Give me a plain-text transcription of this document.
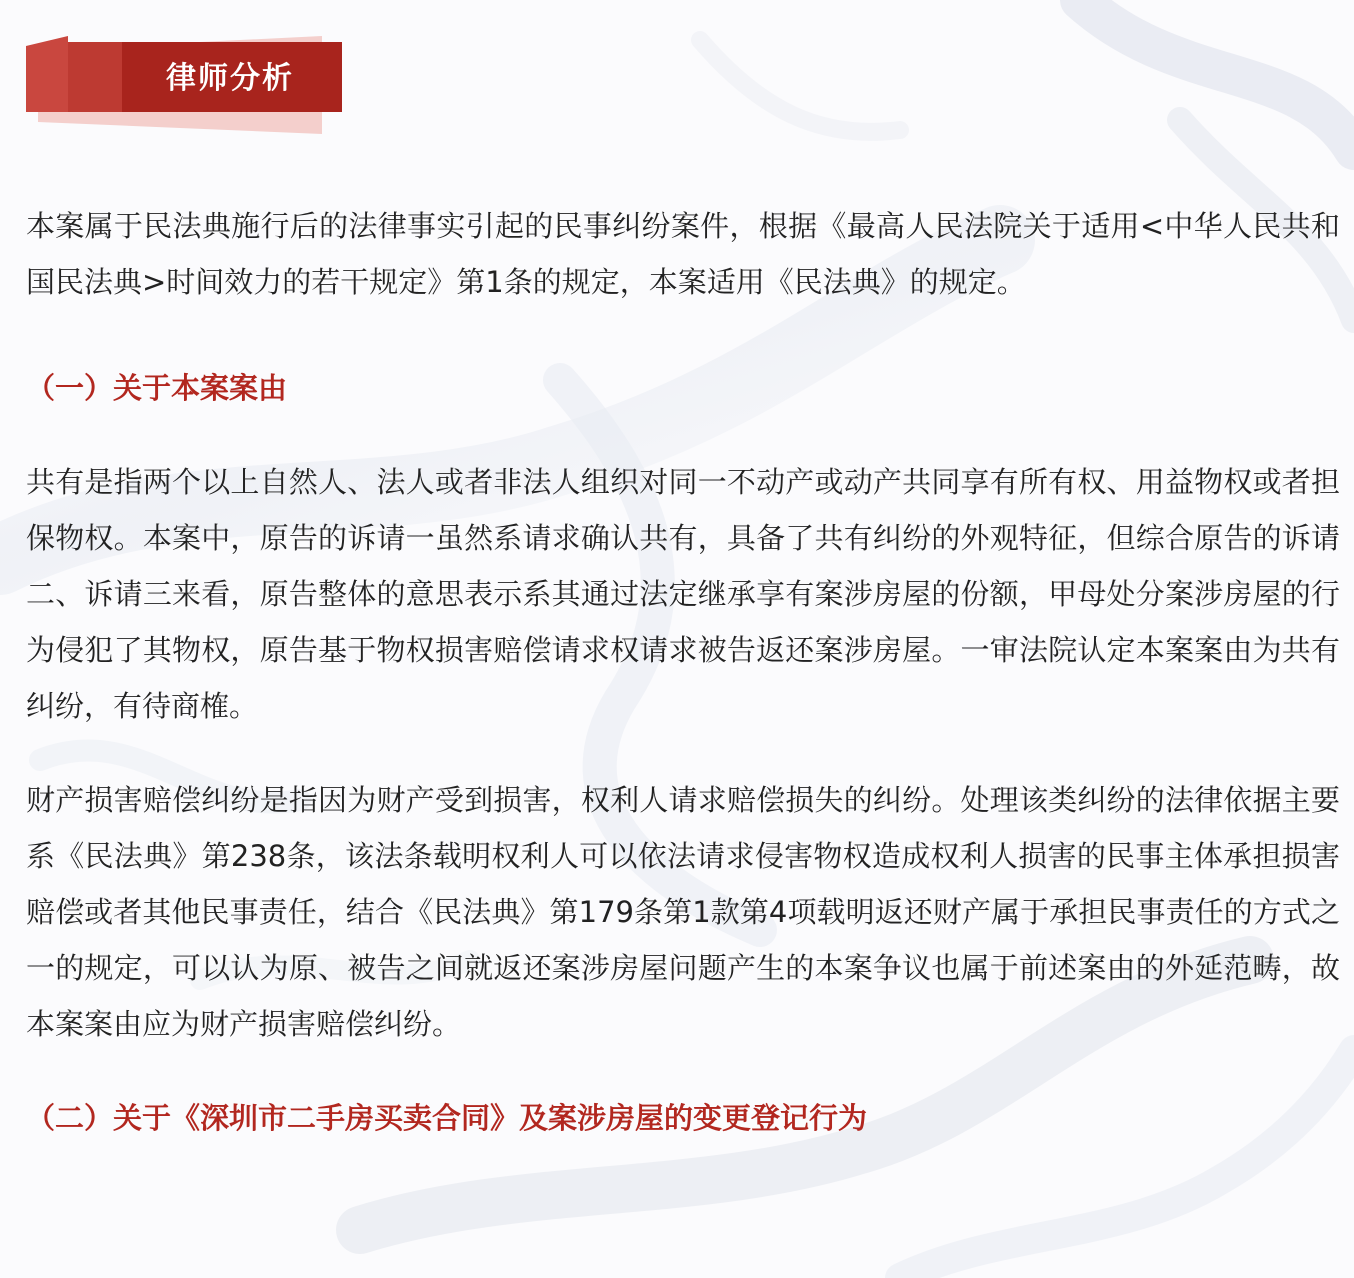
律师分析

本案属于民法典施行后的法律事实引起的民事纠纷案件，根据《最高人民法院关于适用<中华人民共和国民法典>时间效力的若干规定》第1条的规定，本案适用《民法典》的规定。

（一）关于本案案由

共有是指两个以上自然人、法人或者非法人组织对同一不动产或动产共同享有所有权、用益物权或者担保物权。本案中，原告的诉请一虽然系请求确认共有，具备了共有纠纷的外观特征，但综合原告的诉请二、诉请三来看，原告整体的意思表示系其通过法定继承享有案涉房屋的份额，甲母处分案涉房屋的行为侵犯了其物权，原告基于物权损害赔偿请求权请求被告返还案涉房屋。一审法院认定本案案由为共有纠纷，有待商榷。

财产损害赔偿纠纷是指因为财产受到损害，权利人请求赔偿损失的纠纷。处理该类纠纷的法律依据主要系《民法典》第238条，该法条载明权利人可以依法请求侵害物权造成权利人损害的民事主体承担损害赔偿或者其他民事责任，结合《民法典》第179条第1款第4项载明返还财产属于承担民事责任的方式之一的规定，可以认为原、被告之间就返还案涉房屋问题产生的本案争议也属于前述案由的外延范畴，故本案案由应为财产损害赔偿纠纷。

（二）关于《深圳市二手房买卖合同》及案涉房屋的变更登记行为
